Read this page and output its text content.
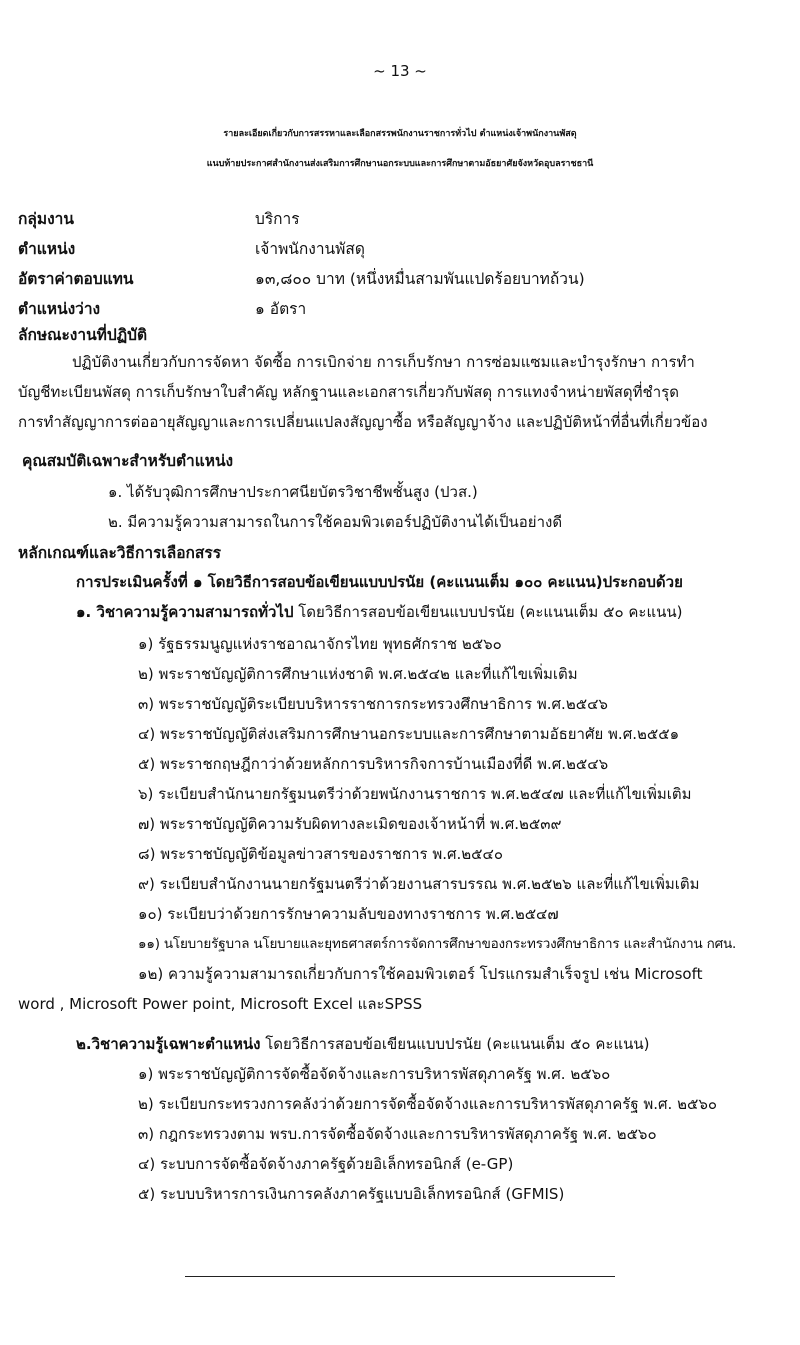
~ 13 ~
รายละเอียดเกี่ยวกับการสรรหาและเลือกสรรพนักงานราชการทั่วไป ตำแหน่งเจ้าพนักงานพัสดุ
แนบท้ายประกาศสำนักงานส่งเสริมการศึกษานอกระบบและการศึกษาตามอัธยาศัยจังหวัดอุบลราชธานี
กลุ่มงาน	บริการ
ตำแหน่ง	เจ้าพนักงานพัสดุ
อัตราค่าตอบแทน	๑๓,๘๐๐ บาท (หนึ่งหมื่นสามพันแปดร้อยบาทถ้วน)
ตำแหน่งว่าง	๑ อัตรา
ลักษณะงานที่ปฏิบัติ
ปฏิบัติงานเกี่ยวกับการจัดหา จัดซื้อ การเบิกจ่าย การเก็บรักษา การซ่อมแซมและบำรุงรักษา การทำ
บัญชีทะเบียนพัสดุ การเก็บรักษาใบสำคัญ หลักฐานและเอกสารเกี่ยวกับพัสดุ การแทงจำหน่ายพัสดุที่ชำรุด
การทำสัญญาการต่ออายุสัญญาและการเปลี่ยนแปลงสัญญาซื้อ หรือสัญญาจ้าง และปฏิบัติหน้าที่อื่นที่เกี่ยวข้อง
คุณสมบัติเฉพาะสำหรับตำแหน่ง
๑. ได้รับวุฒิการศึกษาประกาศนียบัตรวิชาชีพชั้นสูง (ปวส.)
๒. มีความรู้ความสามารถในการใช้คอมพิวเตอร์ปฏิบัติงานได้เป็นอย่างดี
หลักเกณฑ์และวิธีการเลือกสรร
การประเมินครั้งที่ ๑ โดยวิธีการสอบข้อเขียนแบบปรนัย (คะแนนเต็ม ๑๐๐ คะแนน)ประกอบด้วย
๑. วิชาความรู้ความสามารถทั่วไป โดยวิธีการสอบข้อเขียนแบบปรนัย (คะแนนเต็ม ๕๐ คะแนน)
๑) รัฐธรรมนูญแห่งราชอาณาจักรไทย พุทธศักราช ๒๕๖๐
๒) พระราชบัญญัติการศึกษาแห่งชาติ พ.ศ.๒๕๔๒ และที่แก้ไขเพิ่มเติม
๓) พระราชบัญญัติระเบียบบริหารราชการกระทรวงศึกษาธิการ พ.ศ.๒๕๔๖
๔) พระราชบัญญัติส่งเสริมการศึกษานอกระบบและการศึกษาตามอัธยาศัย พ.ศ.๒๕๕๑
๕) พระราชกฤษฎีกาว่าด้วยหลักการบริหารกิจการบ้านเมืองที่ดี พ.ศ.๒๕๔๖
๖) ระเบียบสำนักนายกรัฐมนตรีว่าด้วยพนักงานราชการ พ.ศ.๒๕๔๗ และที่แก้ไขเพิ่มเติม
๗) พระราชบัญญัติความรับผิดทางละเมิดของเจ้าหน้าที่ พ.ศ.๒๕๓๙
๘) พระราชบัญญัติข้อมูลข่าวสารของราชการ พ.ศ.๒๕๔๐
๙) ระเบียบสำนักงานนายกรัฐมนตรีว่าด้วยงานสารบรรณ พ.ศ.๒๕๒๖ และที่แก้ไขเพิ่มเติม
๑๐) ระเบียบว่าด้วยการรักษาความลับของทางราชการ พ.ศ.๒๕๔๗
๑๑) นโยบายรัฐบาล นโยบายและยุทธศาสตร์การจัดการศึกษาของกระทรวงศึกษาธิการ และสำนักงาน กศน.
๑๒) ความรู้ความสามารถเกี่ยวกับการใช้คอมพิวเตอร์ โปรแกรมสำเร็จรูป เช่น Microsoft
word , Microsoft Power point, Microsoft Excel และSPSS
๒.วิชาความรู้เฉพาะตำแหน่ง โดยวิธีการสอบข้อเขียนแบบปรนัย (คะแนนเต็ม ๕๐ คะแนน)
๑) พระราชบัญญัติการจัดซื้อจัดจ้างและการบริหารพัสดุภาครัฐ พ.ศ. ๒๕๖๐
๒) ระเบียบกระทรวงการคลังว่าด้วยการจัดซื้อจัดจ้างและการบริหารพัสดุภาครัฐ พ.ศ. ๒๕๖๐
๓) กฎกระทรวงตาม พรบ.การจัดซื้อจัดจ้างและการบริหารพัสดุภาครัฐ พ.ศ. ๒๕๖๐
๔) ระบบการจัดซื้อจัดจ้างภาครัฐด้วยอิเล็กทรอนิกส์ (e-GP)
๕) ระบบบริหารการเงินการคลังภาครัฐแบบอิเล็กทรอนิกส์ (GFMIS)
